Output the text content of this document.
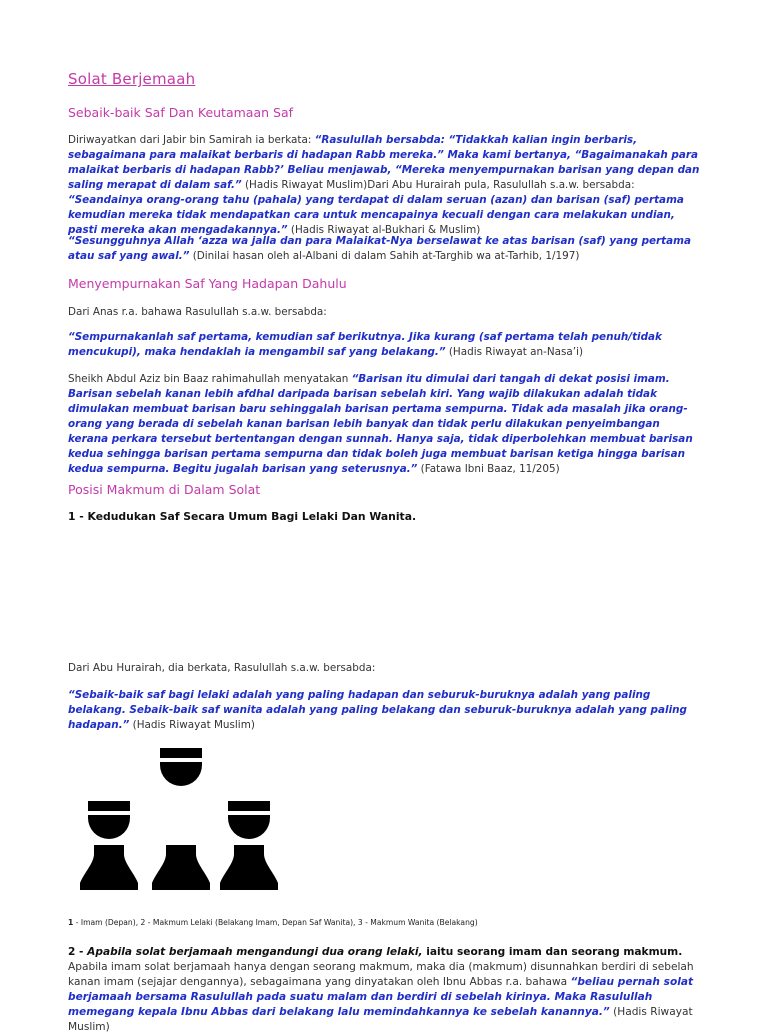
Solat Berjemaah
Sebaik-baik Saf Dan Keutamaan Saf

Diriwayatkan dari Jabir bin Samirah ia berkata: “Rasulullah bersabda: “Tidakkah kalian ingin berbaris, sebagaimana para malaikat berbaris di hadapan Rabb mereka.” Maka kami bertanya, “Bagaimanakah para malaikat berbaris di hadapan Rabb?’ Beliau menjawab, “Mereka menyempurnakan barisan yang depan dan saling merapat di dalam saf.” (Hadis Riwayat Muslim)Dari Abu Hurairah pula, Rasulullah s.a.w. bersabda: “Seandainya orang-orang tahu (pahala) yang terdapat di dalam seruan (azan) dan barisan (saf) pertama kemudian mereka tidak mendapatkan cara untuk mencapainya kecuali dengan cara melakukan undian, pasti mereka akan mengadakannya.” (Hadis Riwayat al-Bukhari & Muslim)

“Sesungguhnya Allah ‘azza wa jalla dan para Malaikat-Nya berselawat ke atas barisan (saf) yang pertama atau saf yang awal.” (Dinilai hasan oleh al-Albani di dalam Sahih at-Targhib wa at-Tarhib, 1/197)

Menyempurnakan Saf Yang Hadapan Dahulu

Dari Anas r.a. bahawa Rasulullah s.a.w. bersabda:

“Sempurnakanlah saf pertama, kemudian saf berikutnya. Jika kurang (saf pertama telah penuh/tidak mencukupi), maka hendaklah ia mengambil saf yang belakang.” (Hadis Riwayat an-Nasa’i)

Sheikh Abdul Aziz bin Baaz rahimahullah menyatakan “Barisan itu dimulai dari tangah di dekat posisi imam. Barisan sebelah kanan lebih afdhal daripada barisan sebelah kiri. Yang wajib dilakukan adalah tidak dimulakan membuat barisan baru sehinggalah barisan pertama sempurna. Tidak ada masalah jika orang-orang yang berada di sebelah kanan barisan lebih banyak dan tidak perlu dilakukan penyeimbangan kerana perkara tersebut bertentangan dengan sunnah. Hanya saja, tidak diperbolehkan membuat barisan kedua sehingga barisan pertama sempurna dan tidak boleh juga membuat barisan ketiga hingga barisan kedua sempurna. Begitu jugalah barisan yang seterusnya.” (Fatawa Ibni Baaz, 11/205)

Posisi Makmum di Dalam Solat
1 - Kedudukan Saf Secara Umum Bagi Lelaki Dan Wanita.

Dari Abu Hurairah, dia berkata, Rasulullah s.a.w. bersabda:

“Sebaik-baik saf bagi lelaki adalah yang paling hadapan dan seburuk-buruknya adalah yang paling belakang. Sebaik-baik saf wanita adalah yang paling belakang dan seburuk-buruknya adalah yang paling hadapan.” (Hadis Riwayat Muslim)

1 - Imam (Depan), 2 - Makmum Lelaki (Belakang Imam, Depan Saf Wanita), 3 - Makmum Wanita (Belakang)

2 - Apabila solat berjamaah mengandungi dua orang lelaki, iaitu seorang imam dan seorang makmum. Apabila imam solat berjamaah hanya dengan seorang makmum, maka dia (makmum) disunnahkan berdiri di sebelah kanan imam (sejajar dengannya), sebagaimana yang dinyatakan oleh Ibnu Abbas r.a. bahawa “beliau pernah solat berjamaah bersama Rasulullah pada suatu malam dan berdiri di sebelah kirinya. Maka Rasulullah memegang kepala Ibnu Abbas dari belakang lalu memindahkannya ke sebelah kanannya.” (Hadis Riwayat Muslim)
